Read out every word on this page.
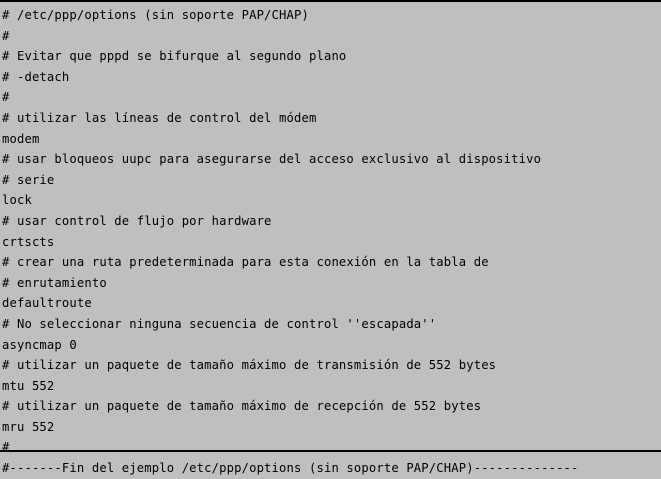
# /etc/ppp/options (sin soporte PAP/CHAP)
#
# Evitar que pppd se bifurque al segundo plano
# -detach
#
# utilizar las líneas de control del módem
modem
# usar bloqueos uupc para asegurarse del acceso exclusivo al dispositivo
# serie
lock
# usar control de flujo por hardware
crtscts
# crear una ruta predeterminada para esta conexión en la tabla de
# enrutamiento
defaultroute
# No seleccionar ninguna secuencia de control ''escapada''
asyncmap 0
# utilizar un paquete de tamaño máximo de transmisión de 552 bytes
mtu 552
# utilizar un paquete de tamaño máximo de recepción de 552 bytes
mru 552
#
#-------Fin del ejemplo /etc/ppp/options (sin soporte PAP/CHAP)--------------
